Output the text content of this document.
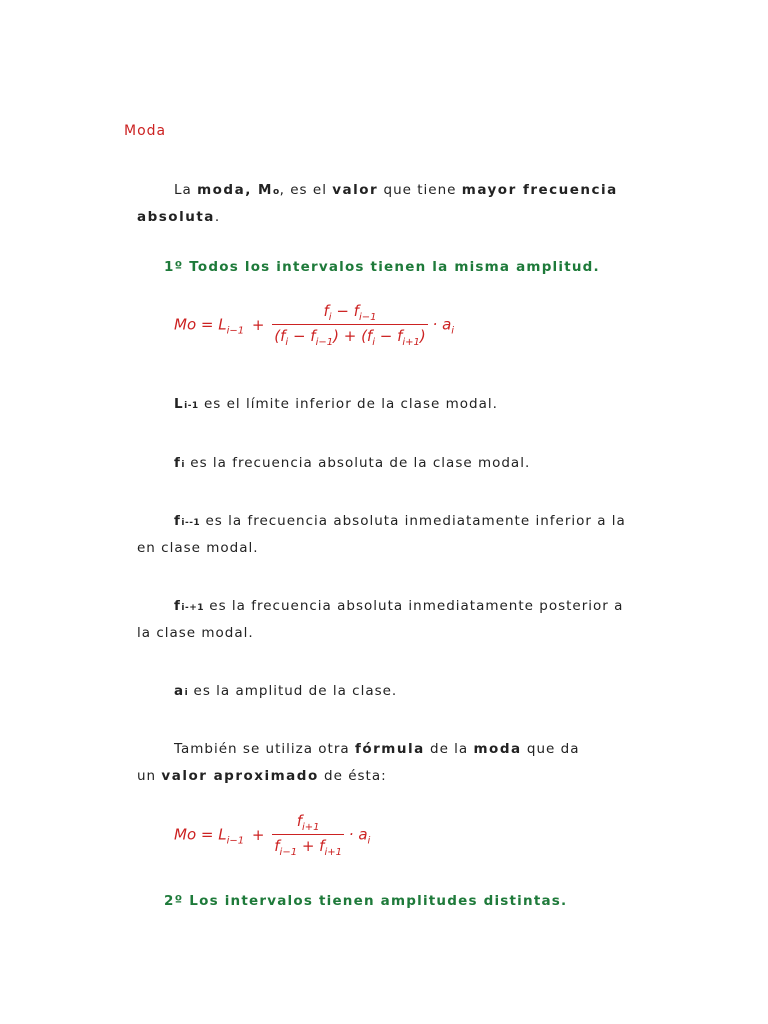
Moda
La moda, Mo, es el valor que tiene mayor frecuencia
absoluta.
1º Todos los intervalos tienen la misma amplitud.
$Mo = L_{i-1} + \frac{f_i - f_{i-1}}{(f_i - f_{i-1}) + (f_i - f_{i+1})} \cdot a_i$
Li-1 es el límite inferior de la clase modal.
fi es la frecuencia absoluta de la clase modal.
fi--1 es la frecuencia absoluta inmediatamente inferior a la
en clase modal.
fi-+1 es la frecuencia absoluta inmediatamente posterior a
la clase modal.
ai es la amplitud de la clase.
También se utiliza otra fórmula de la moda que da
un valor aproximado de ésta:
$Mo = L_{i-1} + \frac{f_{i+1}}{f_{i-1} + f_{i+1}} \cdot a_i$
2º Los intervalos tienen amplitudes distintas.
